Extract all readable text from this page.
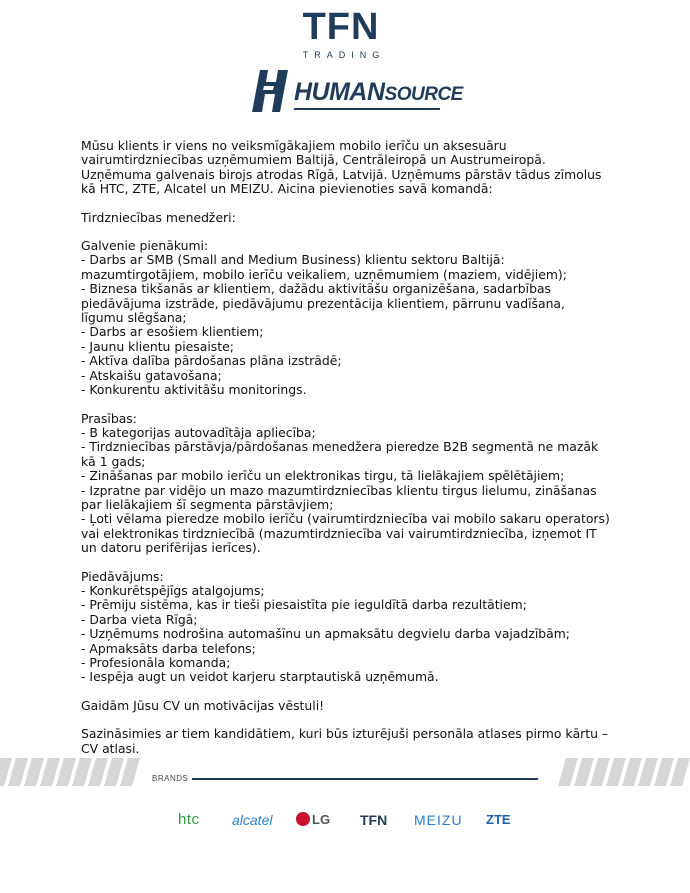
TFN
TRADING
HUMANSOURCE

Mūsu klients ir viens no veiksmīgākajiem mobilo ierīču un aksesuāru vairumtirdzniecības uzņēmumiem Baltijā, Centrāleiropā un Austrumeiropā. Uzņēmuma galvenais birojs atrodas Rīgā, Latvijā. Uzņēmums pārstāv tādus zīmolus kā HTC, ZTE, Alcatel un MEIZU. Aicina pievienoties savā komandā:

Tirdzniecības menedžeri:

Galvenie pienākumi:

- Darbs ar SMB (Small and Medium Business) klientu sektoru Baltijā: mazumtirgotājiem, mobilo ierīču veikaliem, uzņēmumiem (maziem, vidējiem);

- Biznesa tikšanās ar klientiem, dažādu aktivitāšu organizēšana, sadarbības piedāvājuma izstrāde, piedāvājumu prezentācija klientiem, pārrunu vadīšana, līgumu slēgšana;

- Darbs ar esošiem klientiem;

- Jaunu klientu piesaiste;

- Aktīva dalība pārdošanas plāna izstrādē;

- Atskaišu gatavošana;

- Konkurentu aktivitāšu monitorings.

Prasības:

- B kategorijas autovadītāja apliecība;

- Tirdzniecības pārstāvja/pārdošanas menedžera pieredze B2B segmentā ne mazāk kā 1 gads;

- Zināšanas par mobilo ierīču un elektronikas tirgu, tā lielākajiem spēlētājiem;

- Izpratne par vidējo un mazo mazumtirdzniecības klientu tirgus lielumu, zināšanas par lielākajiem šī segmenta pārstāvjiem;

- Ļoti vēlama pieredze mobilo ierīču (vairumtirdzniecība vai mobilo sakaru operators) vai elektronikas tirdzniecībā (mazumtirdzniecība vai vairumtirdzniecība, izņemot IT un datoru perifērijas ierīces).

Piedāvājums:

- Konkurētspējīgs atalgojums;

- Prēmiju sistēma, kas ir tieši piesaistīta pie ieguldītā darba rezultātiem;

- Darba vieta Rīgā;

- Uzņēmums nodrošina automašīnu un apmaksātu degvielu darba vajadzībām;

- Apmaksāts darba telefons;

- Profesionāla komanda;

- Iespēja augt un veidot karjeru starptautiskā uzņēmumā.

Gaidām Jūsu CV un motivācijas vēstuli!

Sazināsimies ar tiem kandidātiem, kuri būs izturējuši personāla atlases pirmo kārtu – CV atlasi.

BRANDS
htc alcatel	LG TFN MEIZU ZTE
